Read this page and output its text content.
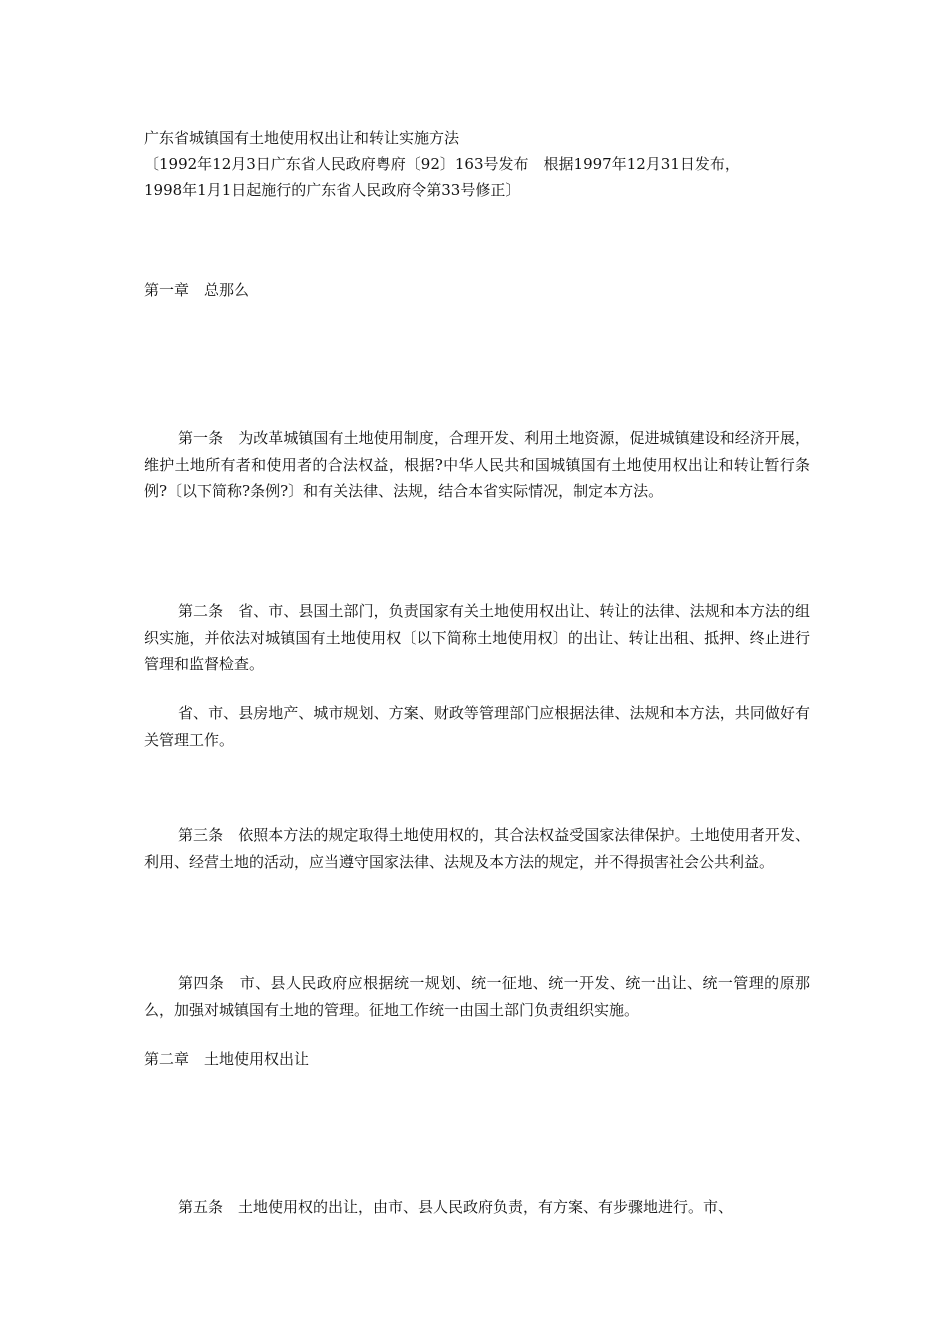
广东省城镇国有土地使用权出让和转让实施方法
〔1992年12月3日广东省人民政府粤府〔92〕163号发布　根据1997年12月31日发布，
1998年1月1日起施行的广东省人民政府令第33号修正〕
第一章　总那么
第一条　为改革城镇国有土地使用制度，合理开发、利用土地资源，促进城镇建设和经济开展，维护土地所有者和使用者的合法权益，根据?中华人民共和国城镇国有土地使用权出让和转让暂行条例?〔以下简称?条例?〕和有关法律、法规，结合本省实际情况，制定本方法。
第二条　省、市、县国土部门，负责国家有关土地使用权出让、转让的法律、法规和本方法的组织实施，并依法对城镇国有土地使用权〔以下简称土地使用权〕的出让、转让出租、抵押、终止进行管理和监督检查。
省、市、县房地产、城市规划、方案、财政等管理部门应根据法律、法规和本方法，共同做好有关管理工作。
第三条　依照本方法的规定取得土地使用权的，其合法权益受国家法律保护。土地使用者开发、利用、经营土地的活动，应当遵守国家法律、法规及本方法的规定，并不得损害社会公共利益。
第四条　市、县人民政府应根据统一规划、统一征地、统一开发、统一出让、统一管理的原那么，加强对城镇国有土地的管理。征地工作统一由国土部门负责组织实施。
第二章　土地使用权出让
第五条　土地使用权的出让，由市、县人民政府负责，有方案、有步骤地进行。市、
